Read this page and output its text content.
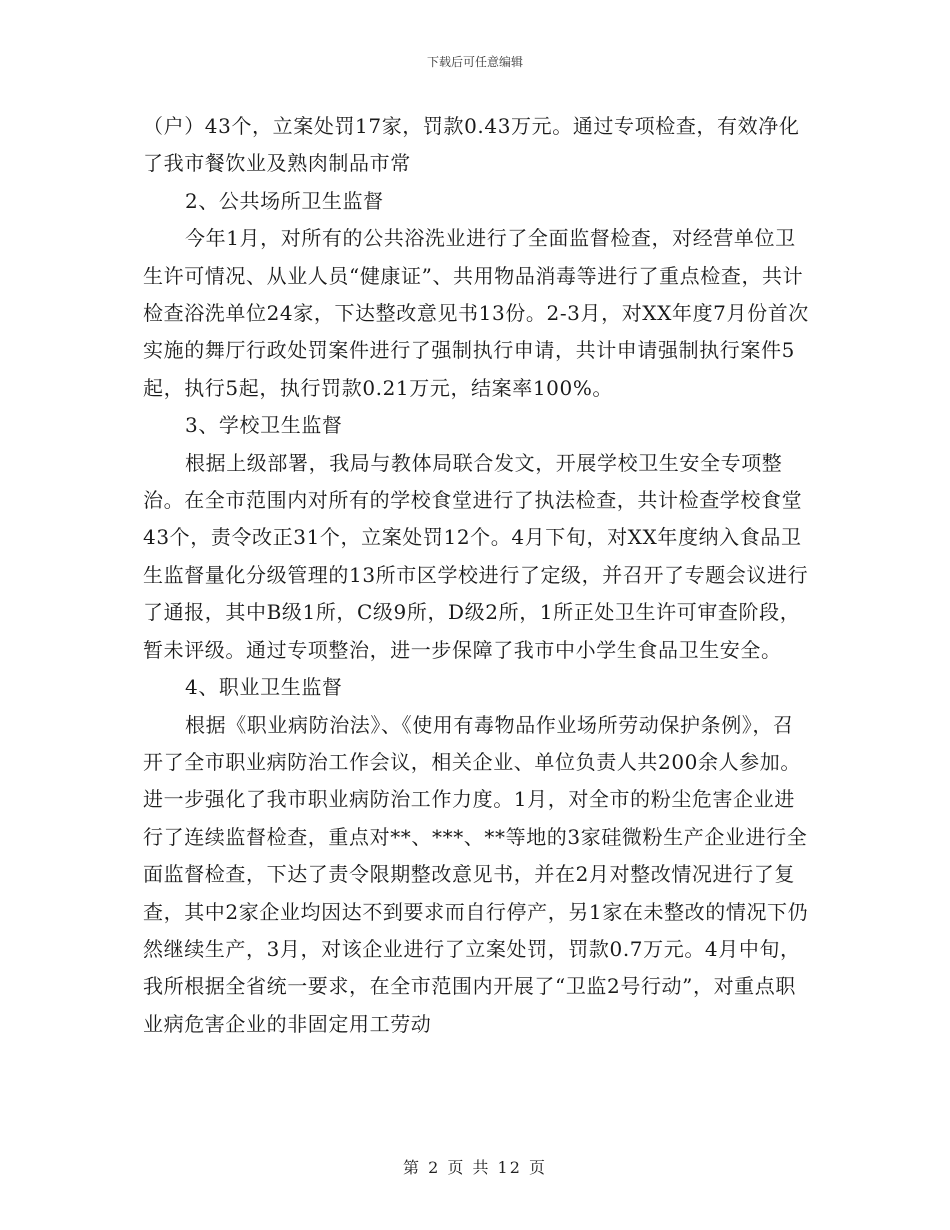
下载后可任意编辑

（户）43个，立案处罚17家，罚款0.43万元。通过专项检查，有效净化了我市餐饮业及熟肉制品市常

2、公共场所卫生监督

今年1月，对所有的公共浴洗业进行了全面监督检查，对经营单位卫生许可情况、从业人员“健康证”、共用物品消毒等进行了重点检查，共计检查浴洗单位24家，下达整改意见书13份。2-3月，对XX年度7月份首次实施的舞厅行政处罚案件进行了强制执行申请，共计申请强制执行案件5起，执行5起，执行罚款0.21万元，结案率100%。

3、学校卫生监督

根据上级部署，我局与教体局联合发文，开展学校卫生安全专项整治。在全市范围内对所有的学校食堂进行了执法检查，共计检查学校食堂43个，责令改正31个，立案处罚12个。4月下旬，对XX年度纳入食品卫生监督量化分级管理的13所市区学校进行了定级，并召开了专题会议进行了通报，其中B级1所，C级9所，D级2所，1所正处卫生许可审查阶段，暂未评级。通过专项整治，进一步保障了我市中小学生食品卫生安全。

4、职业卫生监督

根据《职业病防治法》、《使用有毒物品作业场所劳动保护条例》，召开了全市职业病防治工作会议，相关企业、单位负责人共200余人参加。进一步强化了我市职业病防治工作力度。1月，对全市的粉尘危害企业进行了连续监督检查，重点对**、***、**等地的3家硅微粉生产企业进行全面监督检查，下达了责令限期整改意见书，并在2月对整改情况进行了复查，其中2家企业均因达不到要求而自行停产，另1家在未整改的情况下仍然继续生产，3月，对该企业进行了立案处罚，罚款0.7万元。4月中旬，我所根据全省统一要求，在全市范围内开展了“卫监2号行动”，对重点职业病危害企业的非固定用工劳动

第 2 页 共 12 页
